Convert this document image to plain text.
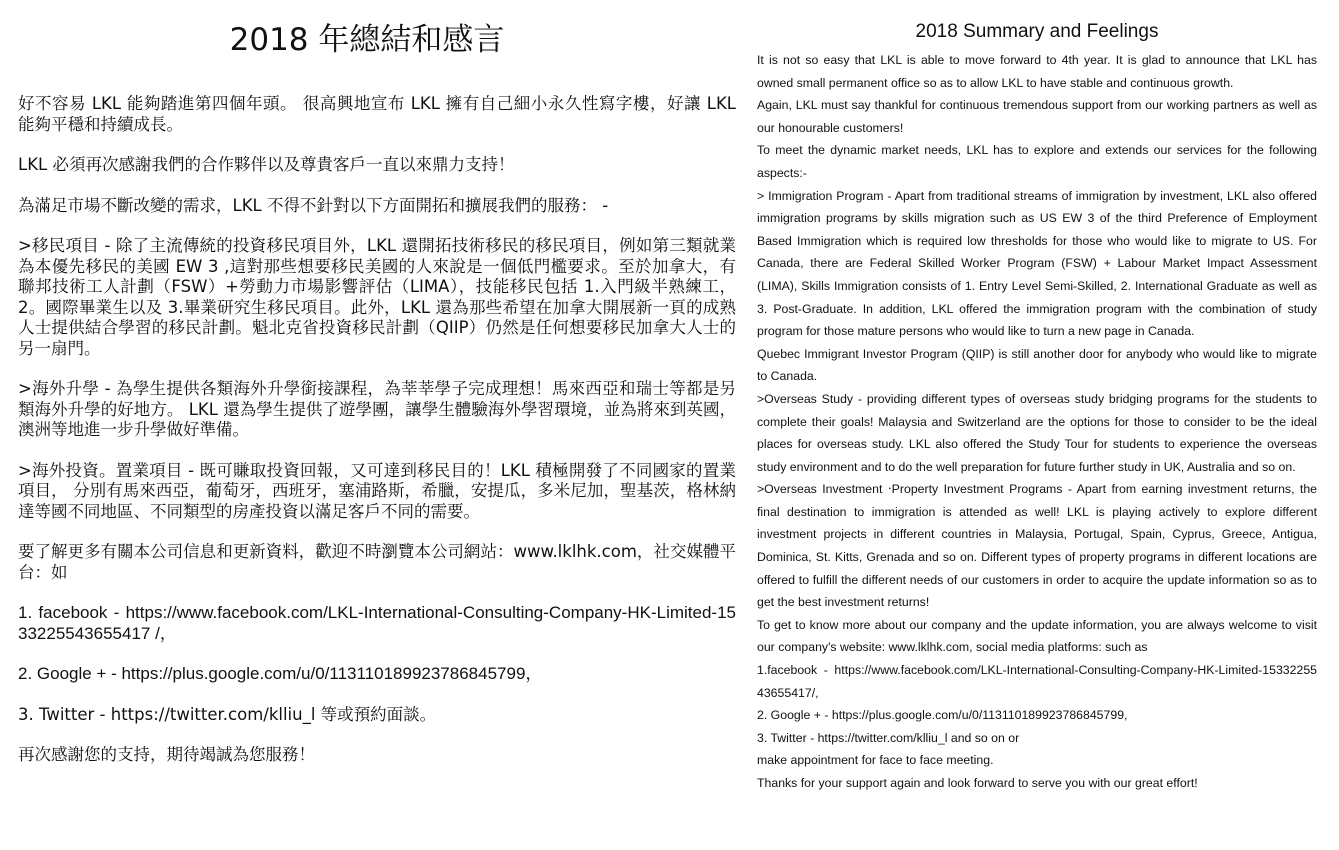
2018 年總結和感言

好不容易 LKL 能夠踏進第四個年頭。 很高興地宣布 LKL 擁有自己細小永久性寫字樓，好讓 LKL 能夠平穩和持續成長。

LKL 必須再次感謝我們的合作夥伴以及尊貴客戶一直以來鼎力支持！

為滿足市場不斷改變的需求，LKL 不得不針對以下方面開拓和擴展我們的服務： -

>移民項目 - 除了主流傳統的投資移民項目外，LKL 還開拓技術移民的移民項目，例如第三類就業為本優先移民的美國 EW 3 ,這對那些想要移民美國的人來說是一個低門檻要求。至於加拿大，有聯邦技術工人計劃（FSW）+勞動力市場影響評估（LIMA），技能移民包括 1.入門級半熟練工，2。國際畢業生以及 3.畢業研究生移民項目。此外，LKL 還為那些希望在加拿大開展新一頁的成熟人士提供結合學習的移民計劃。魁北克省投資移民計劃（QIIP）仍然是任何想要移民加拿大人士的另一扇門。

>海外升學 - 為學生提供各類海外升學銜接課程，為莘莘學子完成理想！馬來西亞和瑞士等都是另類海外升學的好地方。 LKL 還為學生提供了遊學團，讓學生體驗海外學習環境，並為將來到英國，澳洲等地進一步升學做好準備。

>海外投資。置業項目 - 既可賺取投資回報，又可達到移民目的！LKL 積極開發了不同國家的置業項目， 分別有馬來西亞，葡萄牙，西班牙，塞浦路斯，希臘，安提瓜，多米尼加，聖基茨，格林納達等國不同地區、不同類型的房產投資以滿足客戶不同的需要。

要了解更多有關本公司信息和更新資料，歡迎不時瀏覽本公司網站：www.lklhk.com，社交媒體平台：如

1. facebook - https://www.facebook.com/LKL-International-Consulting-Company-HK-Limited-1533225543655417 /，

2. Google + - https://plus.google.com/u/0/113110189923786845799，

3. Twitter - https://twitter.com/klliu_l 等或預約面談。

再次感謝您的支持，期待竭誠為您服務！

2018 Summary and Feelings

It is not so easy that LKL is able to move forward to 4th year. It is glad to announce that LKL has owned small permanent office so as to allow LKL to have stable and continuous growth.

Again, LKL must say thankful for continuous tremendous support from our working partners as well as our honourable customers!

To meet the dynamic market needs, LKL has to explore and extends our services for the following aspects:-

> Immigration Program - Apart from traditional streams of immigration by investment, LKL also offered immigration programs by skills migration such as US EW 3 of the third Preference of Employment Based Immigration which is required low thresholds for those who would like to migrate to US. For Canada, there are Federal Skilled Worker Program (FSW) + Labour Market Impact Assessment (LIMA), Skills Immigration consists of 1. Entry Level Semi-Skilled, 2. International Graduate as well as 3. Post-Graduate. In addition, LKL offered the immigration program with the combination of study program for those mature persons who would like to turn a new page in Canada.

Quebec Immigrant Investor Program (QIIP) is still another door for anybody who would like to migrate to Canada.

>Overseas Study - providing different types of overseas study bridging programs for the students to complete their goals! Malaysia and Switzerland are the options for those to consider to be the ideal places for overseas study. LKL also offered the Study Tour for students to experience the overseas study environment and to do the well preparation for future further study in UK, Australia and so on.

>Overseas Investment ‧Property Investment Programs - Apart from earning investment returns, the final destination to immigration is attended as well! LKL is playing actively to explore different investment projects in different countries in Malaysia, Portugal, Spain, Cyprus, Greece, Antigua, Dominica, St. Kitts, Grenada and so on. Different types of property programs in different locations are offered to fulfill the different needs of our customers in order to acquire the update information so as to get the best investment returns!

To get to know more about our company and the update information, you are always welcome to visit our company's website: www.lklhk.com, social media platforms: such as

1.facebook - https://www.facebook.com/LKL-International-Consulting-Company-HK-Limited-1533225543655417/,

2. Google + - https://plus.google.com/u/0/113110189923786845799,

3. Twitter - https://twitter.com/klliu_l and so on or

make appointment for face to face meeting.

Thanks for your support again and look forward to serve you with our great effort!
